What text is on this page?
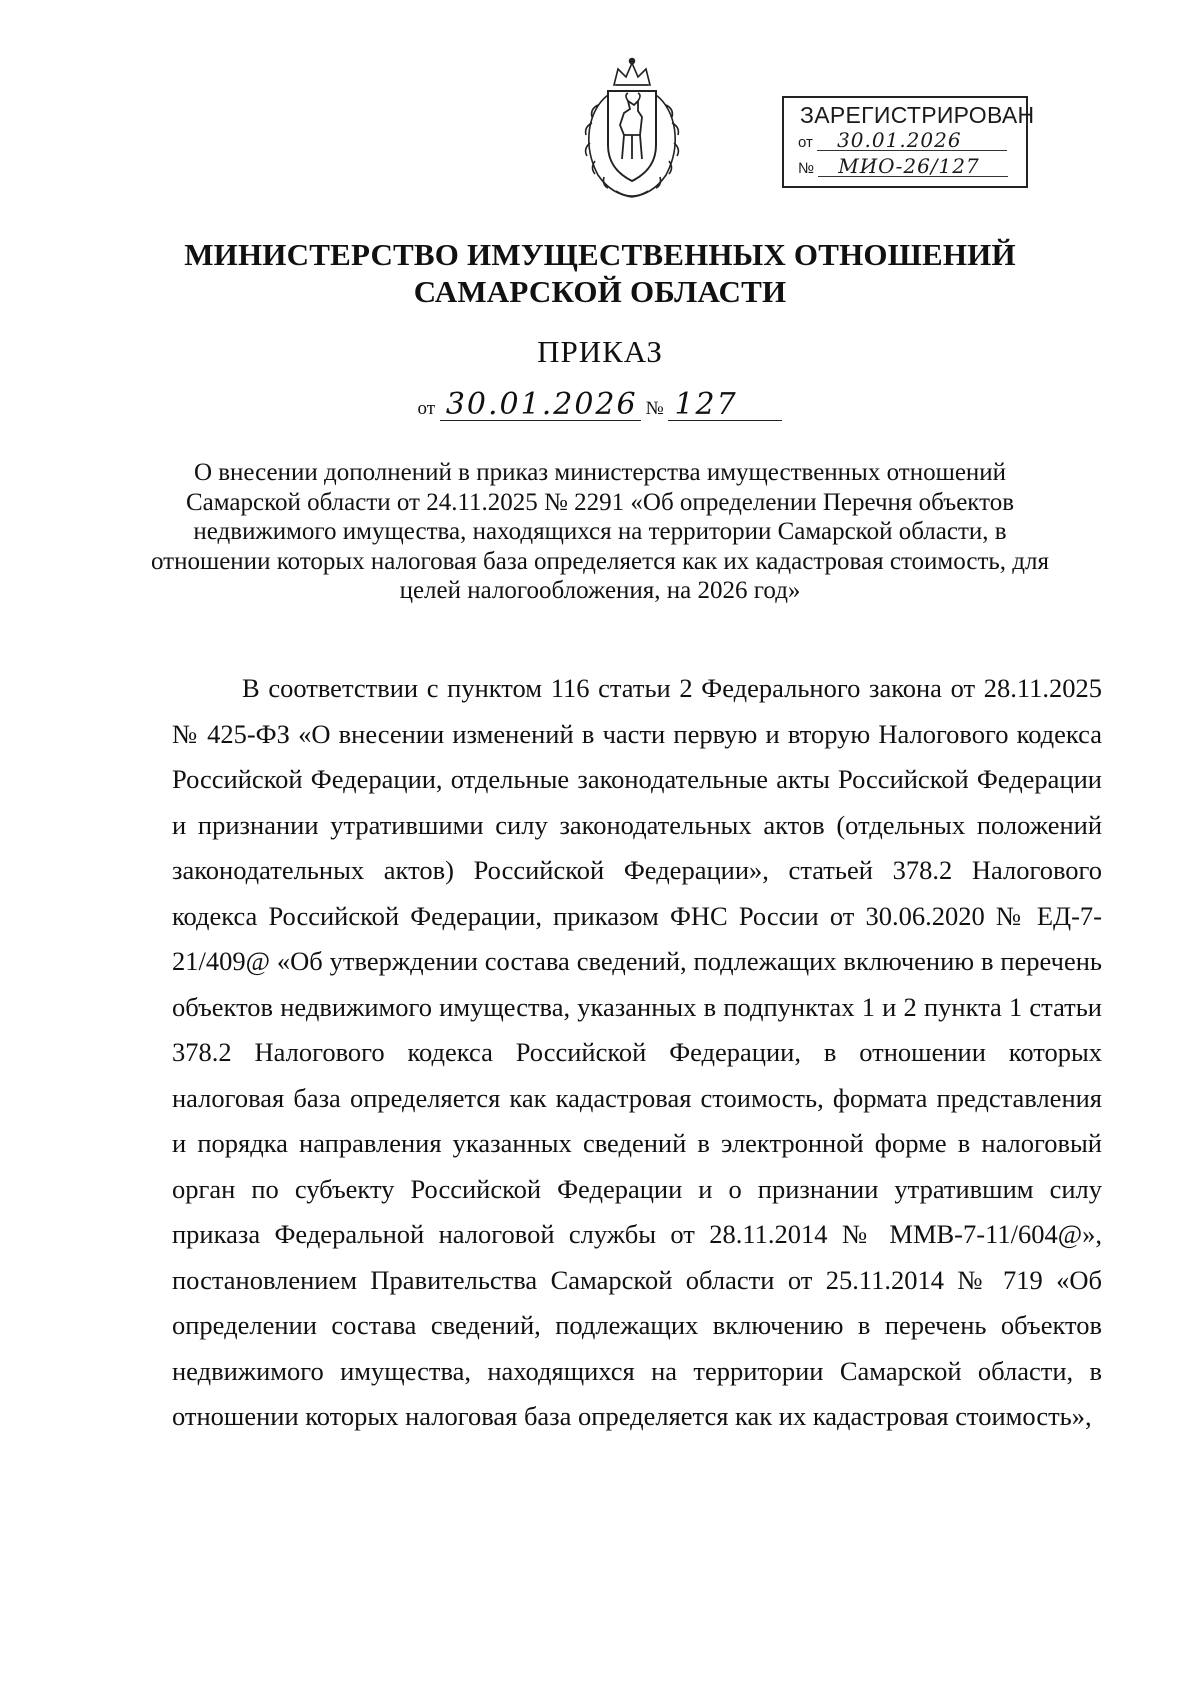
ЗАРЕГИСТРИРОВАН
от 30.01.2026
№ МИО-26/127
МИНИСТЕРСТВО ИМУЩЕСТВЕННЫХ ОТНОШЕНИЙ
САМАРСКОЙ ОБЛАСТИ
ПРИКАЗ
от 30.01.2026 № 127
О внесении дополнений в приказ министерства имущественных отношений Самарской области от 24.11.2025 № 2291 «Об определении Перечня объектов недвижимого имущества, находящихся на территории Самарской области, в отношении которых налоговая база определяется как их кадастровая стоимость, для целей налогообложения, на 2026 год»
В соответствии с пунктом 116 статьи 2 Федерального закона от 28.11.2025 № 425-ФЗ «О внесении изменений в части первую и вторую Налогового кодекса Российской Федерации, отдельные законодательные акты Российской Федерации и признании утратившими силу законодательных актов (отдельных положений законодательных актов) Российской Федерации», статьей 378.2 Налогового кодекса Российской Федерации, приказом ФНС России от 30.06.2020 № ЕД-7-21/409@ «Об утверждении состава сведений, подлежащих включению в перечень объектов недвижимого имущества, указанных в подпунктах 1 и 2 пункта 1 статьи 378.2 Налогового кодекса Российской Федерации, в отношении которых налоговая база определяется как кадастровая стоимость, формата представления и порядка направления указанных сведений в электронной форме в налоговый орган по субъекту Российской Федерации и о признании утратившим силу приказа Федеральной налоговой службы от 28.11.2014 № ММВ-7-11/604@», постановлением Правительства Самарской области от 25.11.2014 № 719 «Об определении состава сведений, подлежащих включению в перечень объектов недвижимого имущества, находящихся на территории Самарской области, в отношении которых налоговая база определяется как их кадастровая стоимость»,
